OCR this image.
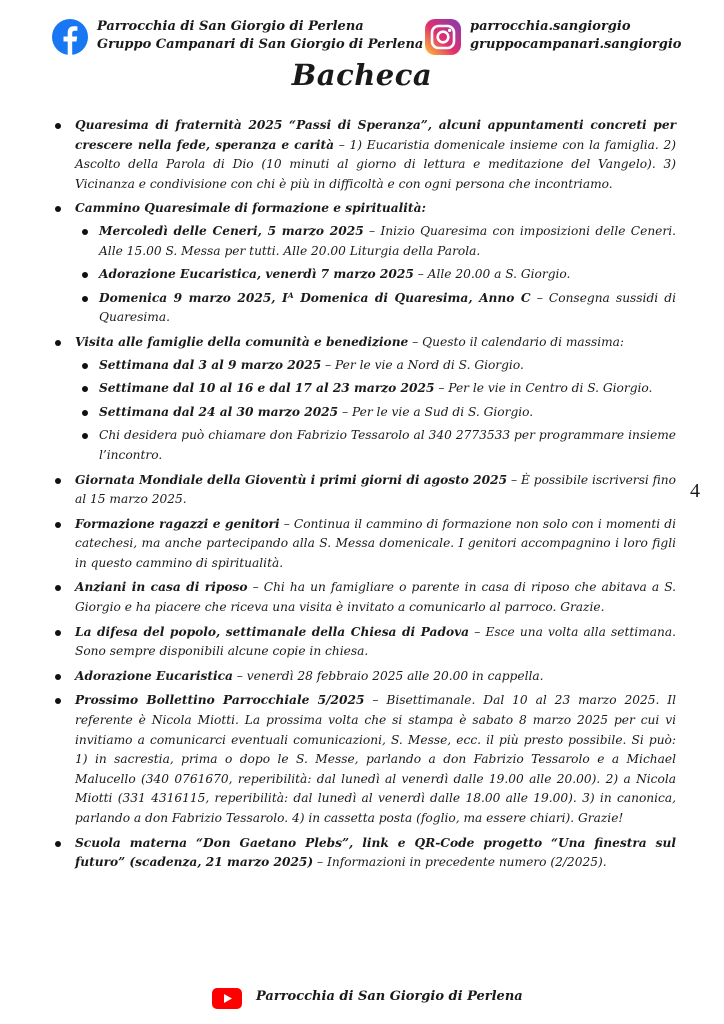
Parrocchia di San Giorgio di Perlena
Gruppo Campanari di San Giorgio di Perlena
parrocchia.sangiorgio
gruppocampanari.sangiorgio
Bacheca
Quaresima di fraternità 2025 “Passi di Speranza”, alcuni appuntamenti concreti per crescere nella fede, speranza e carità – 1) Eucaristia domenicale insieme con la famiglia. 2) Ascolto della Parola di Dio (10 minuti al giorno di lettura e meditazione del Vangelo). 3) Vicinanza e condivisione con chi è più in difficoltà e con ogni persona che incontriamo.
Cammino Quaresimale di formazione e spiritualità:
Mercoledì delle Ceneri, 5 marzo 2025 – Inizio Quaresima con imposizioni delle Ceneri. Alle 15.00 S. Messa per tutti. Alle 20.00 Liturgia della Parola.
Adorazione Eucaristica, venerdì 7 marzo 2025 – Alle 20.00 a S. Giorgio.
Domenica 9 marzo 2025, Iᴬ Domenica di Quaresima, Anno C – Consegna sussidi di Quaresima.
Visita alle famiglie della comunità e benedizione – Questo il calendario di massima:
Settimana dal 3 al 9 marzo 2025 – Per le vie a Nord di S. Giorgio.
Settimane dal 10 al 16 e dal 17 al 23 marzo 2025 – Per le vie in Centro di S. Giorgio.
Settimana dal 24 al 30 marzo 2025 – Per le vie a Sud di S. Giorgio.
Chi desidera può chiamare don Fabrizio Tessarolo al 340 2773533 per programmare insieme l’incontro.
Giornata Mondiale della Gioventù i primi giorni di agosto 2025 – È possibile iscriversi fino al 15 marzo 2025.
Formazione ragazzi e genitori – Continua il cammino di formazione non solo con i momenti di catechesi, ma anche partecipando alla S. Messa domenicale. I genitori accompagnino i loro figli in questo cammino di spiritualità.
Anziani in casa di riposo – Chi ha un famigliare o parente in casa di riposo che abitava a S. Giorgio e ha piacere che riceva una visita è invitato a comunicarlo al parroco. Grazie.
La difesa del popolo, settimanale della Chiesa di Padova – Esce una volta alla settimana. Sono sempre disponibili alcune copie in chiesa.
Adorazione Eucaristica – venerdì 28 febbraio 2025 alle 20.00 in cappella.
Prossimo Bollettino Parrocchiale 5/2025 – Bisettimanale. Dal 10 al 23 marzo 2025. Il referente è Nicola Miotti. La prossima volta che si stampa è sabato 8 marzo 2025 per cui vi invitiamo a comunicarci eventuali comunicazioni, S. Messe, ecc. il più presto possibile. Si può: 1) in sacrestia, prima o dopo le S. Messe, parlando a don Fabrizio Tessarolo e a Michael Malucello (340 0761670, reperibilità: dal lunedì al venerdì dalle 19.00 alle 20.00). 2) a Nicola Miotti (331 4316115, reperibilità: dal lunedì al venerdì dalle 18.00 alle 19.00). 3) in canonica, parlando a don Fabrizio Tessarolo. 4) in cassetta posta (foglio, ma essere chiari). Grazie!
Scuola materna “Don Gaetano Plebs”, link e QR-Code progetto “Una finestra sul futuro” (scadenza, 21 marzo 2025) – Informazioni in precedente numero (2/2025).
4
Parrocchia di San Giorgio di Perlena
